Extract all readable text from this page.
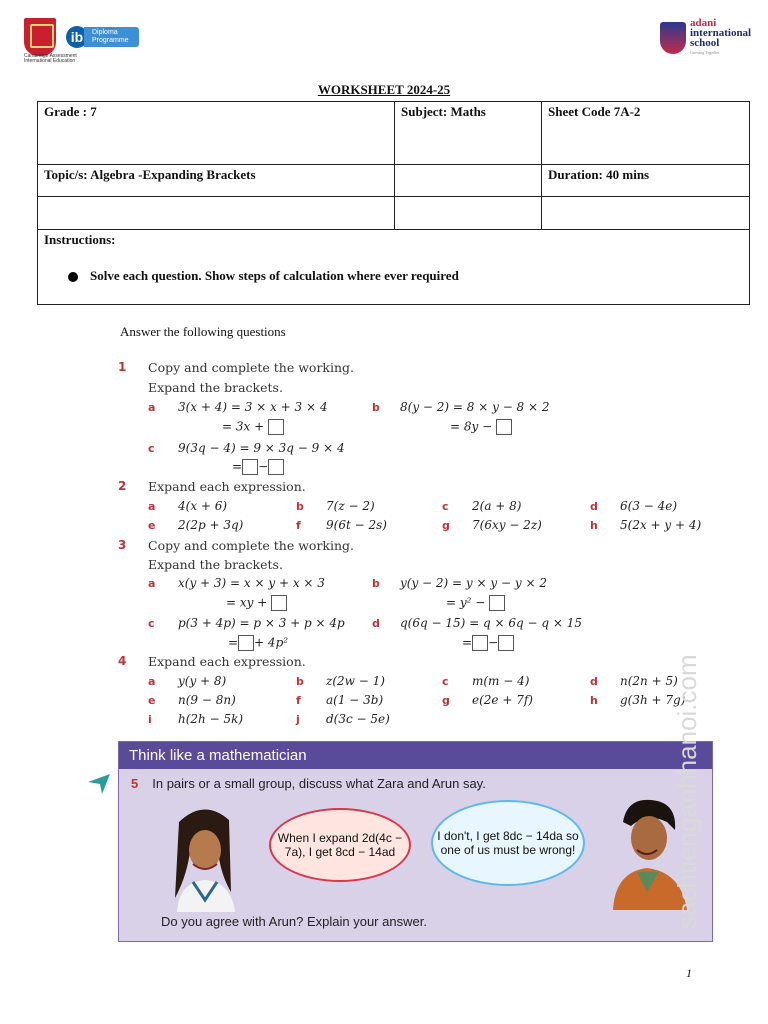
ib	Diploma
Programme
Cambridge Assessment International Education
adani
international
school
Growing Together
WORKSHEET 2024-25
Grade : 7	Subject: Maths	Sheet Code 7A-2
Topic/s: Algebra -Expanding Brackets		Duration: 40 mins

Instructions:
Solve each question. Show steps of calculation where ever required		
Answer the following questions
1 Copy and complete the working.
Expand the brackets.
a 3(x + 4) = 3 × x + 3 × 4
= 3x +
b 8(y − 2) = 8 × y − 8 × 2
= 8y −
c 9(3q − 4) = 9 × 3q − 9 × 4
= −
2 Expand each expression.
a 4(x + 6)	b 7(z − 2)	c 2(a + 8)	d 6(3 − 4e)
e 2(2p + 3q)	f 9(6t − 2s)	g 7(6xy − 2z)	h 5(2x + y + 4)
3 Copy and complete the working.
Expand the brackets.
a x(y + 3) = x × y + x × 3
= xy +
b y(y − 2) = y × y − y × 2
= y² −
c p(3 + 4p) = p × 3 + p × 4p
= + 4p²
d q(6q − 15) = q × 6q − q × 15
= −
4 Expand each expression.
a y(y + 8)	b z(2w − 1)	c m(m − 4)	d n(2n + 5)
e n(9 − 8n)	f a(1 − 3b)	g e(2e + 7f)	h g(3h + 7g)
i h(2h − 5k)	j d(3c − 5e)
Think like a mathematician
5 In pairs or a small group, discuss what Zara and Arun say.
When I expand 2d(4c − 7a), I get 8cd − 14ad
I don't, I get 8dc − 14da so one of us must be wrong!
Do you agree with Arun? Explain your answer.	sachtienganhhanoi.com
1
